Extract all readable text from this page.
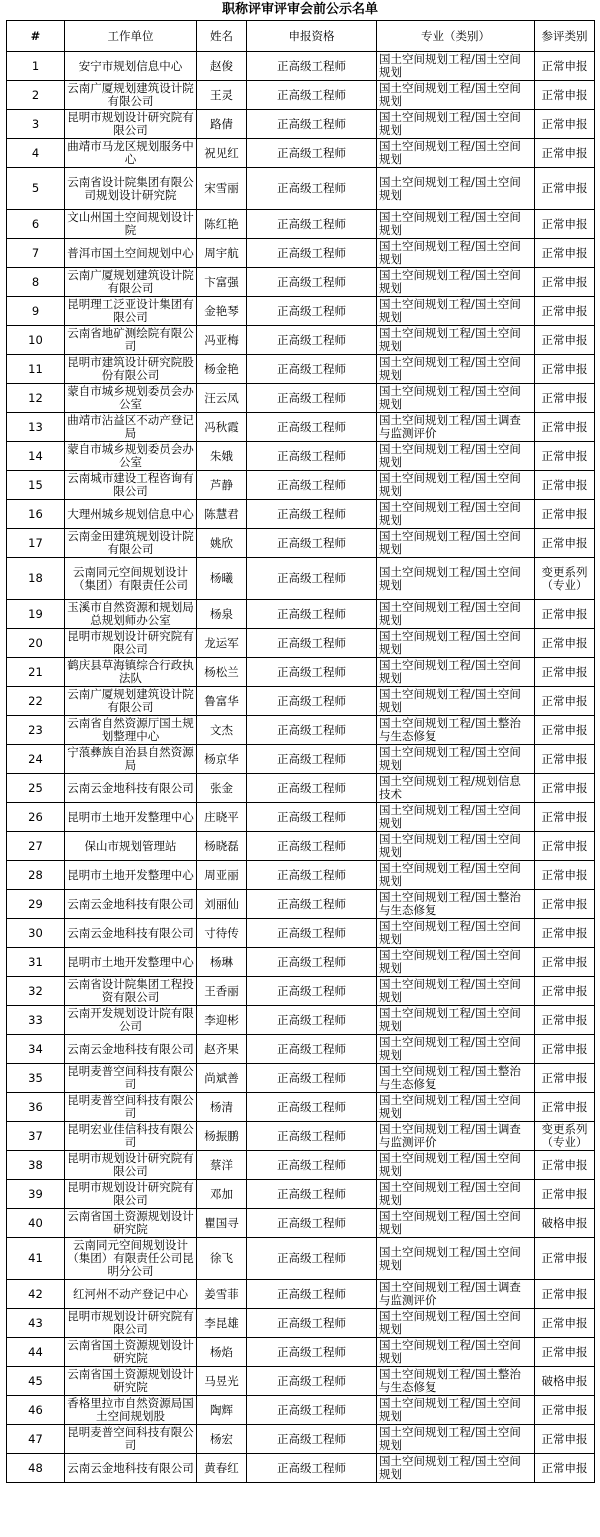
职称评审评审会前公示名单
#	工作单位	姓名	申报资格	专业（类别）	参评类别
1	安宁市规划信息中心	赵俊	正高级工程师	国土空间规划工程/国土空间规划	正常申报
2	云南广厦规划建筑设计院有限公司	王灵	正高级工程师	国土空间规划工程/国土空间规划	正常申报
3	昆明市规划设计研究院有限公司	路倩	正高级工程师	国土空间规划工程/国土空间规划	正常申报
4	曲靖市马龙区规划服务中心	祝见红	正高级工程师	国土空间规划工程/国土空间规划	正常申报
5	云南省设计院集团有限公司规划设计研究院	宋雪丽	正高级工程师	国土空间规划工程/国土空间规划	正常申报
6	文山州国土空间规划设计院	陈红艳	正高级工程师	国土空间规划工程/国土空间规划	正常申报
7	普洱市国土空间规划中心	周宇航	正高级工程师	国土空间规划工程/国土空间规划	正常申报
8	云南广厦规划建筑设计院有限公司	卞富强	正高级工程师	国土空间规划工程/国土空间规划	正常申报
9	昆明理工泛亚设计集团有限公司	金艳琴	正高级工程师	国土空间规划工程/国土空间规划	正常申报
10	云南省地矿测绘院有限公司	冯亚梅	正高级工程师	国土空间规划工程/国土空间规划	正常申报
11	昆明市建筑设计研究院股份有限公司	杨金艳	正高级工程师	国土空间规划工程/国土空间规划	正常申报
12	蒙自市城乡规划委员会办公室	汪云凤	正高级工程师	国土空间规划工程/国土空间规划	正常申报
13	曲靖市沾益区不动产登记局	冯秋霞	正高级工程师	国土空间规划工程/国土调查与监测评价	正常申报
14	蒙自市城乡规划委员会办公室	朱娥	正高级工程师	国土空间规划工程/国土空间规划	正常申报
15	云南城市建设工程咨询有限公司	芦静	正高级工程师	国土空间规划工程/国土空间规划	正常申报
16	大理州城乡规划信息中心	陈慧君	正高级工程师	国土空间规划工程/国土空间规划	正常申报
17	云南金田建筑规划设计院有限公司	姚欣	正高级工程师	国土空间规划工程/国土空间规划	正常申报
18	云南同元空间规划设计（集团）有限责任公司	杨曦	正高级工程师	国土空间规划工程/国土空间规划	变更系列（专业）
19	玉溪市自然资源和规划局总规划师办公室	杨泉	正高级工程师	国土空间规划工程/国土空间规划	正常申报
20	昆明市规划设计研究院有限公司	龙运军	正高级工程师	国土空间规划工程/国土空间规划	正常申报
21	鹤庆县草海镇综合行政执法队	杨松兰	正高级工程师	国土空间规划工程/国土空间规划	正常申报
22	云南广厦规划建筑设计院有限公司	鲁富华	正高级工程师	国土空间规划工程/国土空间规划	正常申报
23	云南省自然资源厅国土规划整理中心	文杰	正高级工程师	国土空间规划工程/国土整治与生态修复	正常申报
24	宁蒗彝族自治县自然资源局	杨京华	正高级工程师	国土空间规划工程/国土空间规划	正常申报
25	云南云金地科技有限公司	张金	正高级工程师	国土空间规划工程/规划信息技术	正常申报
26	昆明市土地开发整理中心	庄晓平	正高级工程师	国土空间规划工程/国土空间规划	正常申报
27	保山市规划管理站	杨晓磊	正高级工程师	国土空间规划工程/国土空间规划	正常申报
28	昆明市土地开发整理中心	周亚丽	正高级工程师	国土空间规划工程/国土空间规划	正常申报
29	云南云金地科技有限公司	刘丽仙	正高级工程师	国土空间规划工程/国土整治与生态修复	正常申报
30	云南云金地科技有限公司	寸待传	正高级工程师	国土空间规划工程/国土空间规划	正常申报
31	昆明市土地开发整理中心	杨琳	正高级工程师	国土空间规划工程/国土空间规划	正常申报
32	云南省设计院集团工程投资有限公司	王香丽	正高级工程师	国土空间规划工程/国土空间规划	正常申报
33	云南开发规划设计院有限公司	李迎彬	正高级工程师	国土空间规划工程/国土空间规划	正常申报
34	云南云金地科技有限公司	赵齐果	正高级工程师	国土空间规划工程/国土空间规划	正常申报
35	昆明麦普空间科技有限公司	尚斌善	正高级工程师	国土空间规划工程/国土整治与生态修复	正常申报
36	昆明麦普空间科技有限公司	杨清	正高级工程师	国土空间规划工程/国土空间规划	正常申报
37	昆明宏业佳信科技有限公司	杨振鹏	正高级工程师	国土空间规划工程/国土调查与监测评价	变更系列（专业）
38	昆明市规划设计研究院有限公司	蔡洋	正高级工程师	国土空间规划工程/国土空间规划	正常申报
39	昆明市规划设计研究院有限公司	邓加	正高级工程师	国土空间规划工程/国土空间规划	正常申报
40	云南省国土资源规划设计研究院	瞿国寻	正高级工程师	国土空间规划工程/国土空间规划	破格申报
41	云南同元空间规划设计（集团）有限责任公司昆明分公司	徐飞	正高级工程师	国土空间规划工程/国土空间规划	正常申报
42	红河州不动产登记中心	姜雪菲	正高级工程师	国土空间规划工程/国土调查与监测评价	正常申报
43	昆明市规划设计研究院有限公司	李昆雄	正高级工程师	国土空间规划工程/国土空间规划	正常申报
44	云南省国土资源规划设计研究院	杨焰	正高级工程师	国土空间规划工程/国土空间规划	正常申报
45	云南省国土资源规划设计研究院	马昱光	正高级工程师	国土空间规划工程/国土整治与生态修复	破格申报
46	香格里拉市自然资源局国土空间规划股	陶辉	正高级工程师	国土空间规划工程/国土空间规划	正常申报
47	昆明麦普空间科技有限公司	杨宏	正高级工程师	国土空间规划工程/国土空间规划	正常申报
48	云南云金地科技有限公司	黄春红	正高级工程师	国土空间规划工程/国土空间规划	正常申报
